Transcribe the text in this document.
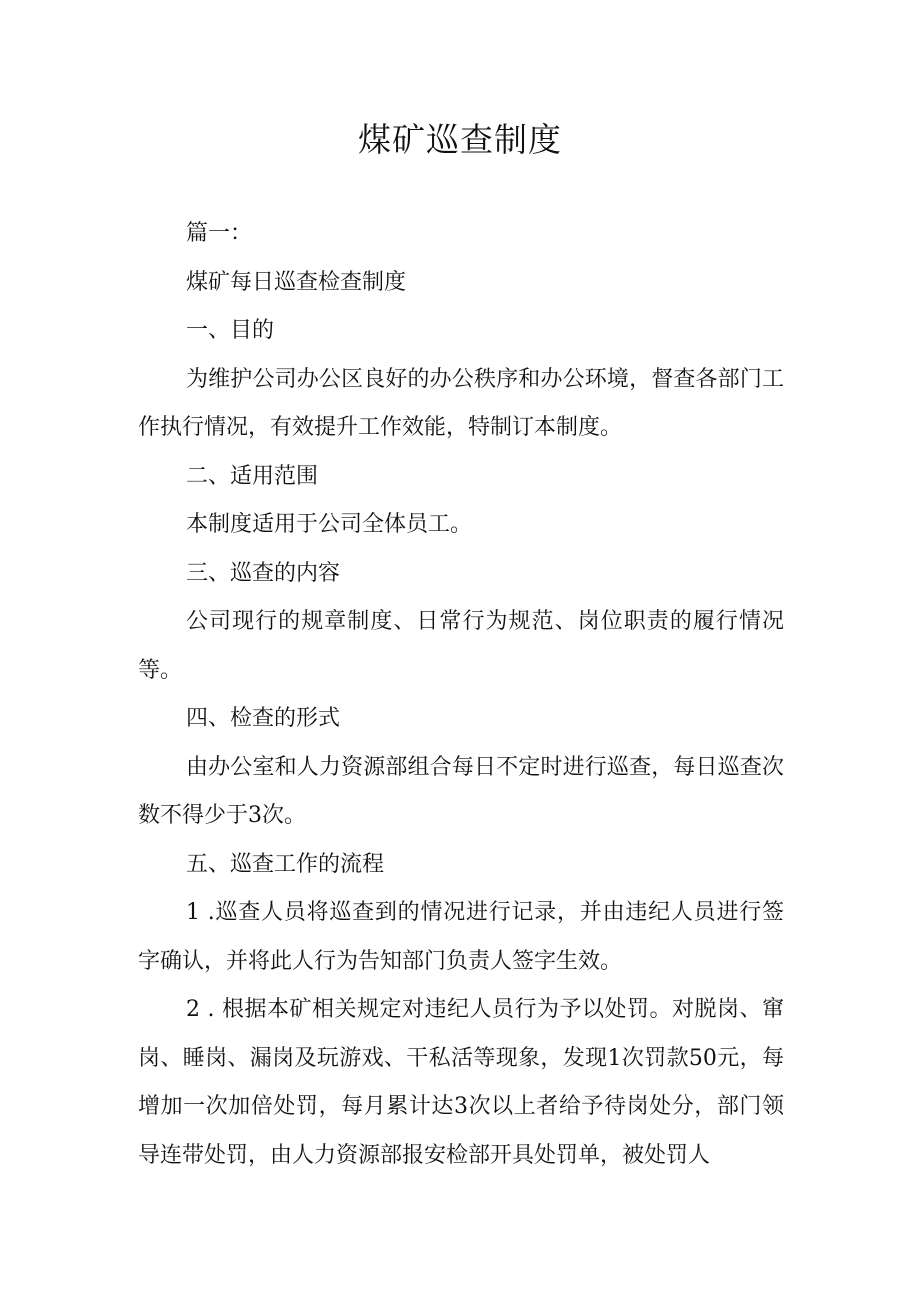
煤矿巡查制度

篇一：

煤矿每日巡查检查制度

一、目的

为维护公司办公区良好的办公秩序和办公环境，督查各部门工作执行情况，有效提升工作效能，特制订本制度。

二、适用范围

本制度适用于公司全体员工。

三、巡查的内容

公司现行的规章制度、日常行为规范、岗位职责的履行情况等。

四、检查的形式

由办公室和人力资源部组合每日不定时进行巡查，每日巡查次数不得少于3次。

五、巡查工作的流程

1 .巡查人员将巡查到的情况进行记录，并由违纪人员进行签字确认，并将此人行为告知部门负责人签字生效。

2 . 根据本矿相关规定对违纪人员行为予以处罚。对脱岗、窜岗、睡岗、漏岗及玩游戏、干私活等现象，发现1次罚款50元，每增加一次加倍处罚，每月累计达3次以上者给予待岗处分，部门领导连带处罚，由人力资源部报安检部开具处罚单，被处罚人
